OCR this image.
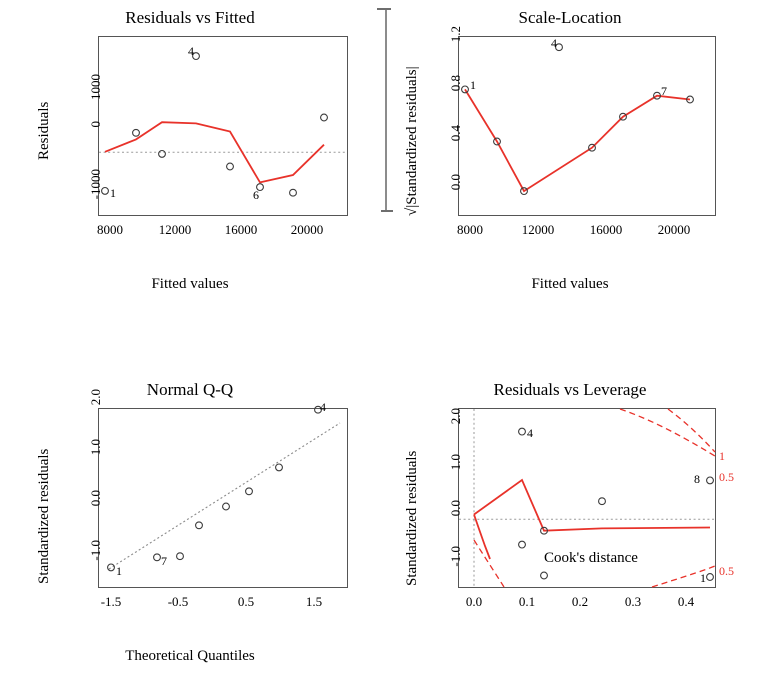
Residuals vs Fitted
1
4
6
8000	12000	16000	20000
-1000
0
1000
Fitted values
Residuals
Scale-Location
1
4
7
8000	12000	16000	20000
0.0
0.4
0.8
1.2
Fitted values
√|Standardized residuals|
Normal Q-Q
1
7
4
-1.5	-0.5	0.5	1.5
-1.0
0.0
1.0
2.0
Theoretical Quantiles
Standardized residuals
Residuals vs Leverage
4
8
1
1
0.5
0.5
Cook's distance
0.0	0.1	0.2	0.3	0.4
-1.0
0.0
1.0
2.0
Standardized residuals
